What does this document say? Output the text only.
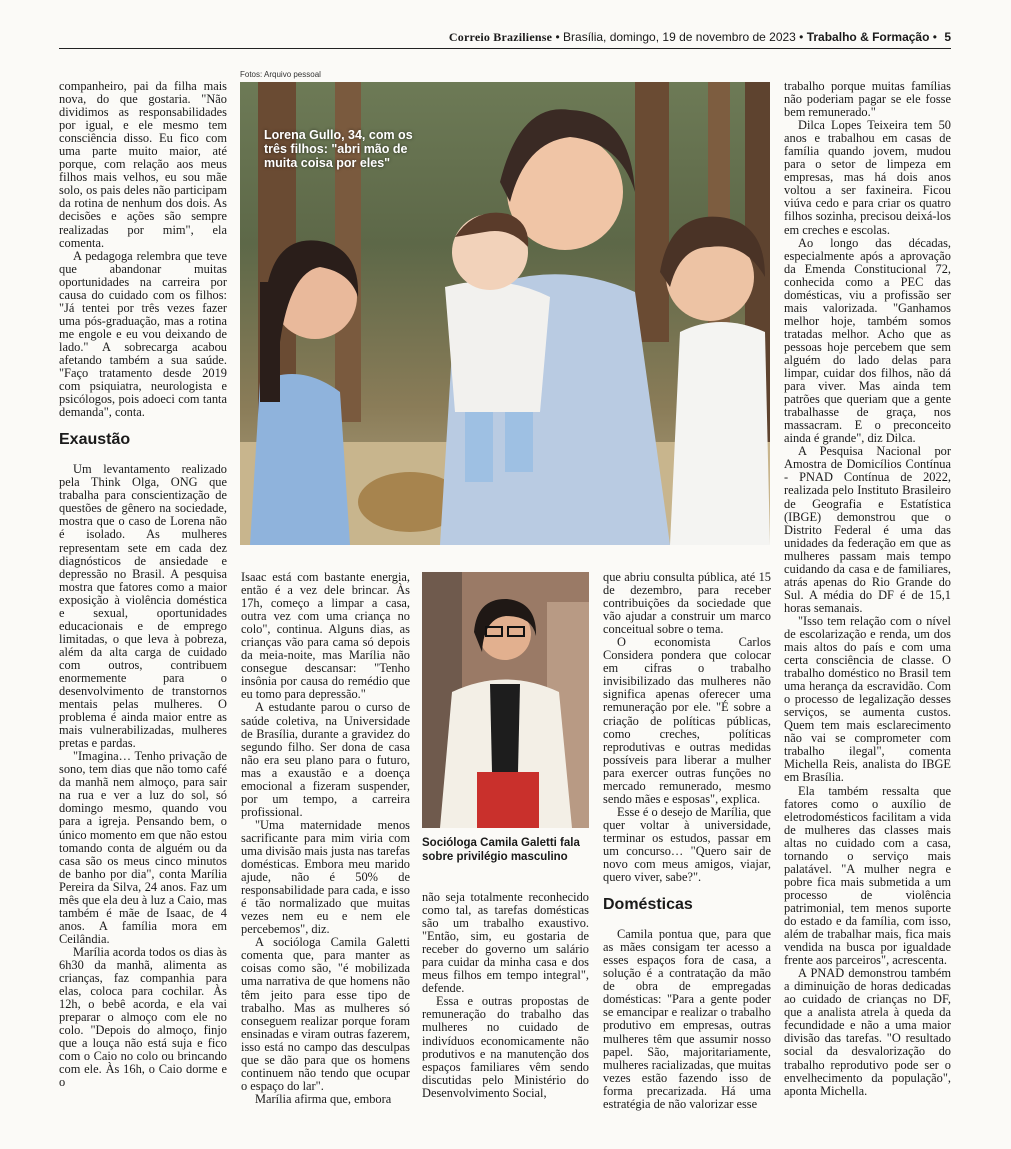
Correio Braziliense • Brasília, domingo, 19 de novembro de 2023 • Trabalho & Formação • 5

companheiro, pai da filha mais nova, do que gostaria. "Não dividimos as responsabilidades por igual, e ele mesmo tem consciência disso. Eu fico com uma parte muito maior, até porque, com relação aos meus filhos mais velhos, eu sou mãe solo, os pais deles não participam da rotina de nenhum dos dois. As decisões e ações são sempre realizadas por mim", ela comenta.

A pedagoga relembra que teve que abandonar muitas oportunidades na carreira por causa do cuidado com os filhos: "Já tentei por três vezes fazer uma pós-graduação, mas a rotina me engole e eu vou deixando de lado." A sobrecarga acabou afetando também a sua saúde. "Faço tratamento desde 2019 com psiquiatra, neurologista e psicólogos, pois adoeci com tanta demanda", conta.

Exaustão

Um levantamento realizado pela Think Olga, ONG que trabalha para conscientização de questões de gênero na sociedade, mostra que o caso de Lorena não é isolado. As mulheres representam sete em cada dez diagnósticos de ansiedade e depressão no Brasil. A pesquisa mostra que fatores como a maior exposição à violência doméstica e sexual, oportunidades educacionais e de emprego limitadas, o que leva à pobreza, além da alta carga de cuidado com outros, contribuem enormemente para o desenvolvimento de transtornos mentais pelas mulheres. O problema é ainda maior entre as mais vulnerabilizadas, mulheres pretas e pardas.

"Imagina… Tenho privação de sono, tem dias que não tomo café da manhã nem almoço, para sair na rua e ver a luz do sol, só domingo mesmo, quando vou para a igreja. Pensando bem, o único momento em que não estou tomando conta de alguém ou da casa são os meus cinco minutos de banho por dia", conta Marília Pereira da Silva, 24 anos. Faz um mês que ela deu à luz a Caio, mas também é mãe de Isaac, de 4 anos. A família mora em Ceilândia.

Marília acorda todos os dias às 6h30 da manhã, alimenta as crianças, faz companhia para elas, coloca para cochilar. Às 12h, o bebê acorda, e ela vai preparar o almoço com ele no colo. "Depois do almoço, finjo que a louça não está suja e fico com o Caio no colo ou brincando com ele. Às 16h, o Caio dorme e o

Fotos: Arquivo pessoal
Lorena Gullo, 34, com os três filhos: "abri mão de muita coisa por eles"

Isaac está com bastante energia, então é a vez dele brincar. Às 17h, começo a limpar a casa, outra vez com uma criança no colo", continua. Alguns dias, as crianças vão para cama só depois da meia-noite, mas Marília não consegue descansar: "Tenho insônia por causa do remédio que eu tomo para depressão."

A estudante parou o curso de saúde coletiva, na Universidade de Brasília, durante a gravidez do segundo filho. Ser dona de casa não era seu plano para o futuro, mas a exaustão e a doença emocional a fizeram suspender, por um tempo, a carreira profissional.

"Uma maternidade menos sacrificante para mim viria com uma divisão mais justa nas tarefas domésticas. Embora meu marido ajude, não é 50% de responsabilidade para cada, e isso é tão normalizado que muitas vezes nem eu e nem ele percebemos", diz.

A socióloga Camila Galetti comenta que, para manter as coisas como são, "é mobilizada uma narrativa de que homens não têm jeito para esse tipo de trabalho. Mas as mulheres só conseguem realizar porque foram ensinadas e viram outras fazerem, isso está no campo das desculpas que se dão para que os homens continuem não tendo que ocupar o espaço do lar".

Marília afirma que, embora

Socióloga Camila Galetti fala sobre privilégio masculino

não seja totalmente reconhecido como tal, as tarefas domésticas são um trabalho exaustivo. "Então, sim, eu gostaria de receber do governo um salário para cuidar da minha casa e dos meus filhos em tempo integral", defende.

Essa e outras propostas de remuneração do trabalho das mulheres no cuidado de indivíduos economicamente não produtivos e na manutenção dos espaços familiares vêm sendo discutidas pelo Ministério do Desenvolvimento Social,

que abriu consulta pública, até 15 de dezembro, para receber contribuições da sociedade que vão ajudar a construir um marco conceitual sobre o tema.

O economista Carlos Considera pondera que colocar em cifras o trabalho invisibilizado das mulheres não significa apenas oferecer uma remuneração por ele. "É sobre a criação de políticas públicas, como creches, políticas reprodutivas e outras medidas possíveis para liberar a mulher para exercer outras funções no mercado remunerado, mesmo sendo mães e esposas", explica.

Esse é o desejo de Marília, que quer voltar à universidade, terminar os estudos, passar em um concurso… "Quero sair de novo com meus amigos, viajar, quero viver, sabe?".

Domésticas

Camila pontua que, para que as mães consigam ter acesso a esses espaços fora de casa, a solução é a contratação da mão de obra de empregadas domésticas: "Para a gente poder se emancipar e realizar o trabalho produtivo em empresas, outras mulheres têm que assumir nosso papel. São, majoritariamente, mulheres racializadas, que muitas vezes estão fazendo isso de forma precarizada. Há uma estratégia de não valorizar esse

trabalho porque muitas famílias não poderiam pagar se ele fosse bem remunerado."

Dilca Lopes Teixeira tem 50 anos e trabalhou em casas de família quando jovem, mudou para o setor de limpeza em empresas, mas há dois anos voltou a ser faxineira. Ficou viúva cedo e para criar os quatro filhos sozinha, precisou deixá-los em creches e escolas.

Ao longo das décadas, especialmente após a aprovação da Emenda Constitucional 72, conhecida como a PEC das domésticas, viu a profissão ser mais valorizada. "Ganhamos melhor hoje, também somos tratadas melhor. Acho que as pessoas hoje percebem que sem alguém do lado delas para limpar, cuidar dos filhos, não dá para viver. Mas ainda tem patrões que queriam que a gente trabalhasse de graça, nos massacram. E o preconceito ainda é grande", diz Dilca.

A Pesquisa Nacional por Amostra de Domicílios Contínua - PNAD Contínua de 2022, realizada pelo Instituto Brasileiro de Geografia e Estatística (IBGE) demonstrou que o Distrito Federal é uma das unidades da federação em que as mulheres passam mais tempo cuidando da casa e de familiares, atrás apenas do Rio Grande do Sul. A média do DF é de 15,1 horas semanais.

"Isso tem relação com o nível de escolarização e renda, um dos mais altos do país e com uma certa consciência de classe. O trabalho doméstico no Brasil tem uma herança da escravidão. Com o processo de legalização desses serviços, se aumenta custos. Quem tem mais esclarecimento não vai se comprometer com trabalho ilegal", comenta Michella Reis, analista do IBGE em Brasília.

Ela também ressalta que fatores como o auxílio de eletrodomésticos facilitam a vida de mulheres das classes mais altas no cuidado com a casa, tornando o serviço mais palatável. "A mulher negra e pobre fica mais submetida a um processo de violência patrimonial, tem menos suporte do estado e da família, com isso, além de trabalhar mais, fica mais vendida na busca por igualdade frente aos parceiros", acrescenta.

A PNAD demonstrou também a diminuição de horas dedicadas ao cuidado de crianças no DF, que a analista atrela à queda da fecundidade e não a uma maior divisão das tarefas. "O resultado social da desvalorização do trabalho reprodutivo pode ser o envelhecimento da população", aponta Michella.
